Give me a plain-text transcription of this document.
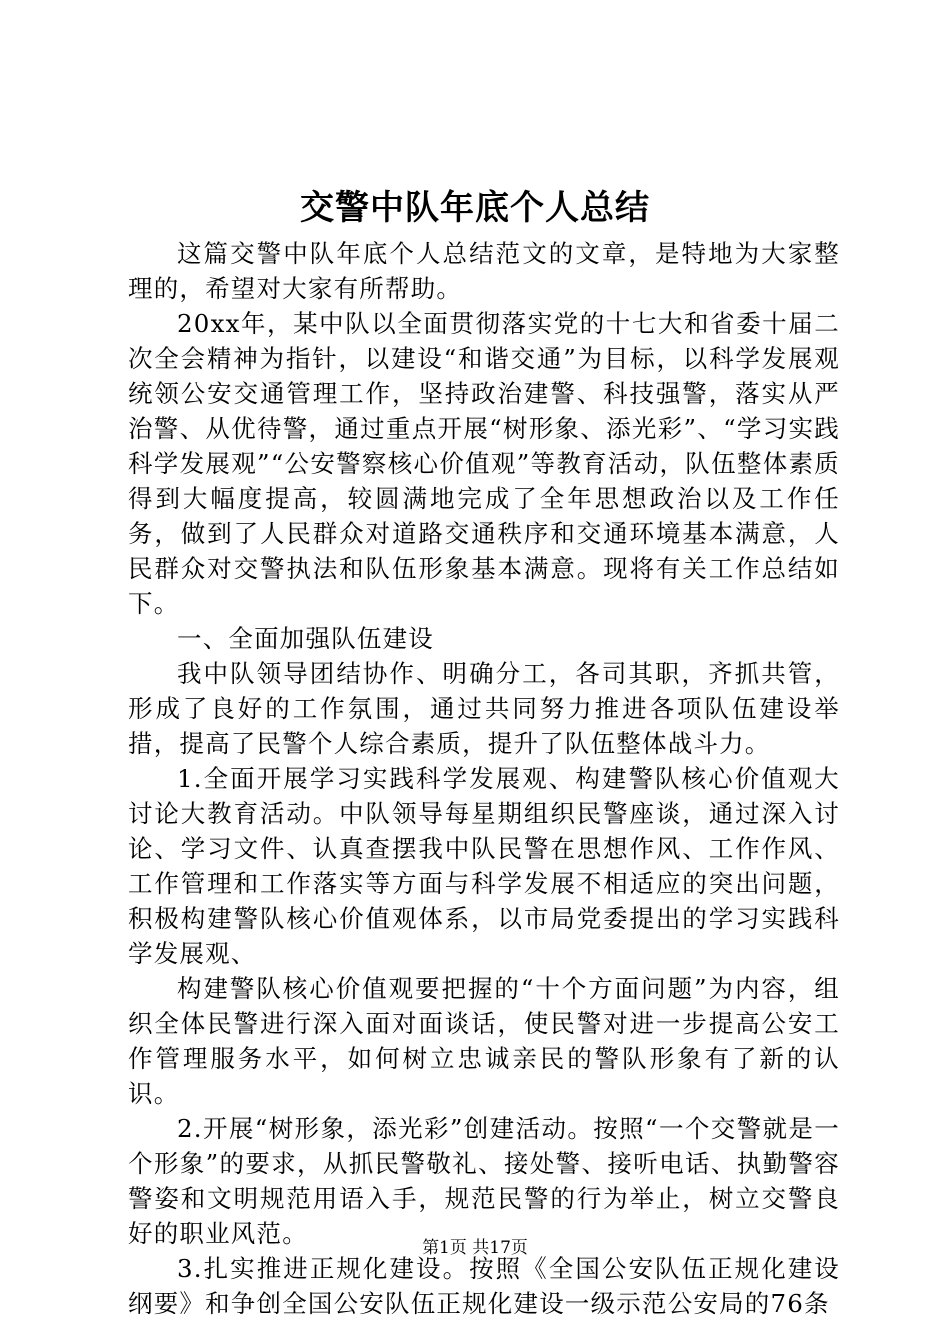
交警中队年底个人总结

这篇交警中队年底个人总结范文的文章，是特地为大家整理的，希望对大家有所帮助。

20xx年，某中队以全面贯彻落实党的十七大和省委十届二次全会精神为指针，以建设“和谐交通”为目标，以科学发展观统领公安交通管理工作，坚持政治建警、科技强警，落实从严治警、从优待警，通过重点开展“树形象、添光彩”、“学习实践科学发展观”“公安警察核心价值观”等教育活动，队伍整体素质得到大幅度提高，较圆满地完成了全年思想政治以及工作任务，做到了人民群众对道路交通秩序和交通环境基本满意，人民群众对交警执法和队伍形象基本满意。现将有关工作总结如下。

一、全面加强队伍建设

我中队领导团结协作、明确分工，各司其职，齐抓共管，形成了良好的工作氛围，通过共同努力推进各项队伍建设举措，提高了民警个人综合素质，提升了队伍整体战斗力。

1.全面开展学习实践科学发展观、构建警队核心价值观大讨论大教育活动。中队领导每星期组织民警座谈，通过深入讨论、学习文件、认真查摆我中队民警在思想作风、工作作风、工作管理和工作落实等方面与科学发展不相适应的突出问题，积极构建警队核心价值观体系，以市局党委提出的学习实践科学发展观、

构建警队核心价值观要把握的“十个方面问题”为内容，组织全体民警进行深入面对面谈话，使民警对进一步提高公安工作管理服务水平，如何树立忠诚亲民的警队形象有了新的认识。

2.开展“树形象，添光彩”创建活动。按照“一个交警就是一个形象”的要求，从抓民警敬礼、接处警、接听电话、执勤警容警姿和文明规范用语入手，规范民警的行为举止，树立交警良好的职业风范。

3.扎实推进正规化建设。按照《全国公安队伍正规化建设纲要》和争创全国公安队伍正规化建设一级示范公安局的76条

第1页 共17页
